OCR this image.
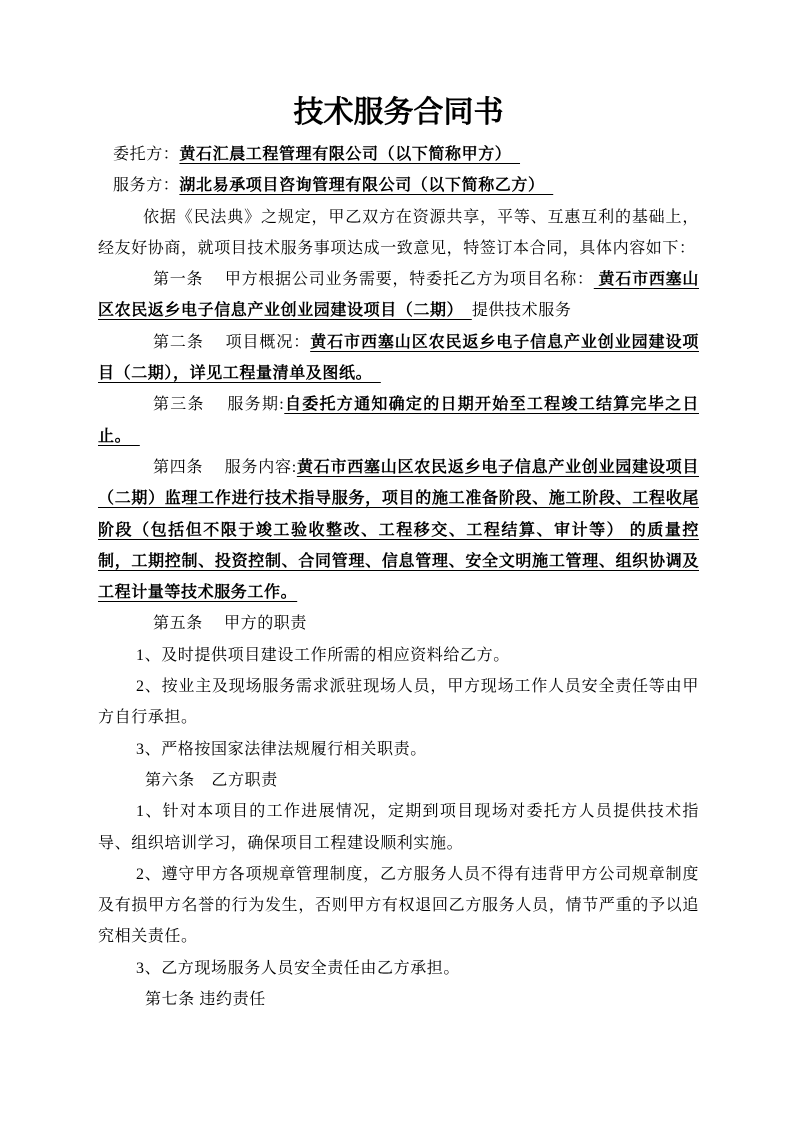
技术服务合同书

委托方：黄石汇晨工程管理有限公司（以下简称甲方）　

服务方：湖北易承项目咨询管理有限公司（以下简称乙方）　

依据《民法典》之规定，甲乙双方在资源共享，平等、互惠互利的基础上，经友好协商，就项目技术服务事项达成一致意见，特签订本合同，具体内容如下：

第一条　 甲方根据公司业务需要，特委托乙方为项目名称： 黄石市西塞山区农民返乡电子信息产业创业园建设项目（二期）　提供技术服务

第二条　 项目概况：黄石市西塞山区农民返乡电子信息产业创业园建设项目（二期），详见工程量清单及图纸。　

第三条　 服务期:自委托方通知确定的日期开始至工程竣工结算完毕之日止。　

第四条　 服务内容:黄石市西塞山区农民返乡电子信息产业创业园建设项目（二期）监理工作进行技术指导服务，项目的施工准备阶段、施工阶段、工程收尾阶段（包括但不限于竣工验收整改、工程移交、工程结算、审计等） 的质量控制，工期控制、投资控制、合同管理、信息管理、安全文明施工管理、组织协调及工程计量等技术服务工作。

第五条　 甲方的职责

1、及时提供项目建设工作所需的相应资料给乙方。

2、按业主及现场服务需求派驻现场人员，甲方现场工作人员安全责任等由甲方自行承担。

3、严格按国家法律法规履行相关职责。

第六条　乙方职责

1、针对本项目的工作进展情况，定期到项目现场对委托方人员提供技术指导、组织培训学习，确保项目工程建设顺利实施。

2、遵守甲方各项规章管理制度，乙方服务人员不得有违背甲方公司规章制度及有损甲方名誉的行为发生，否则甲方有权退回乙方服务人员，情节严重的予以追究相关责任。

3、乙方现场服务人员安全责任由乙方承担。

第七条 违约责任
